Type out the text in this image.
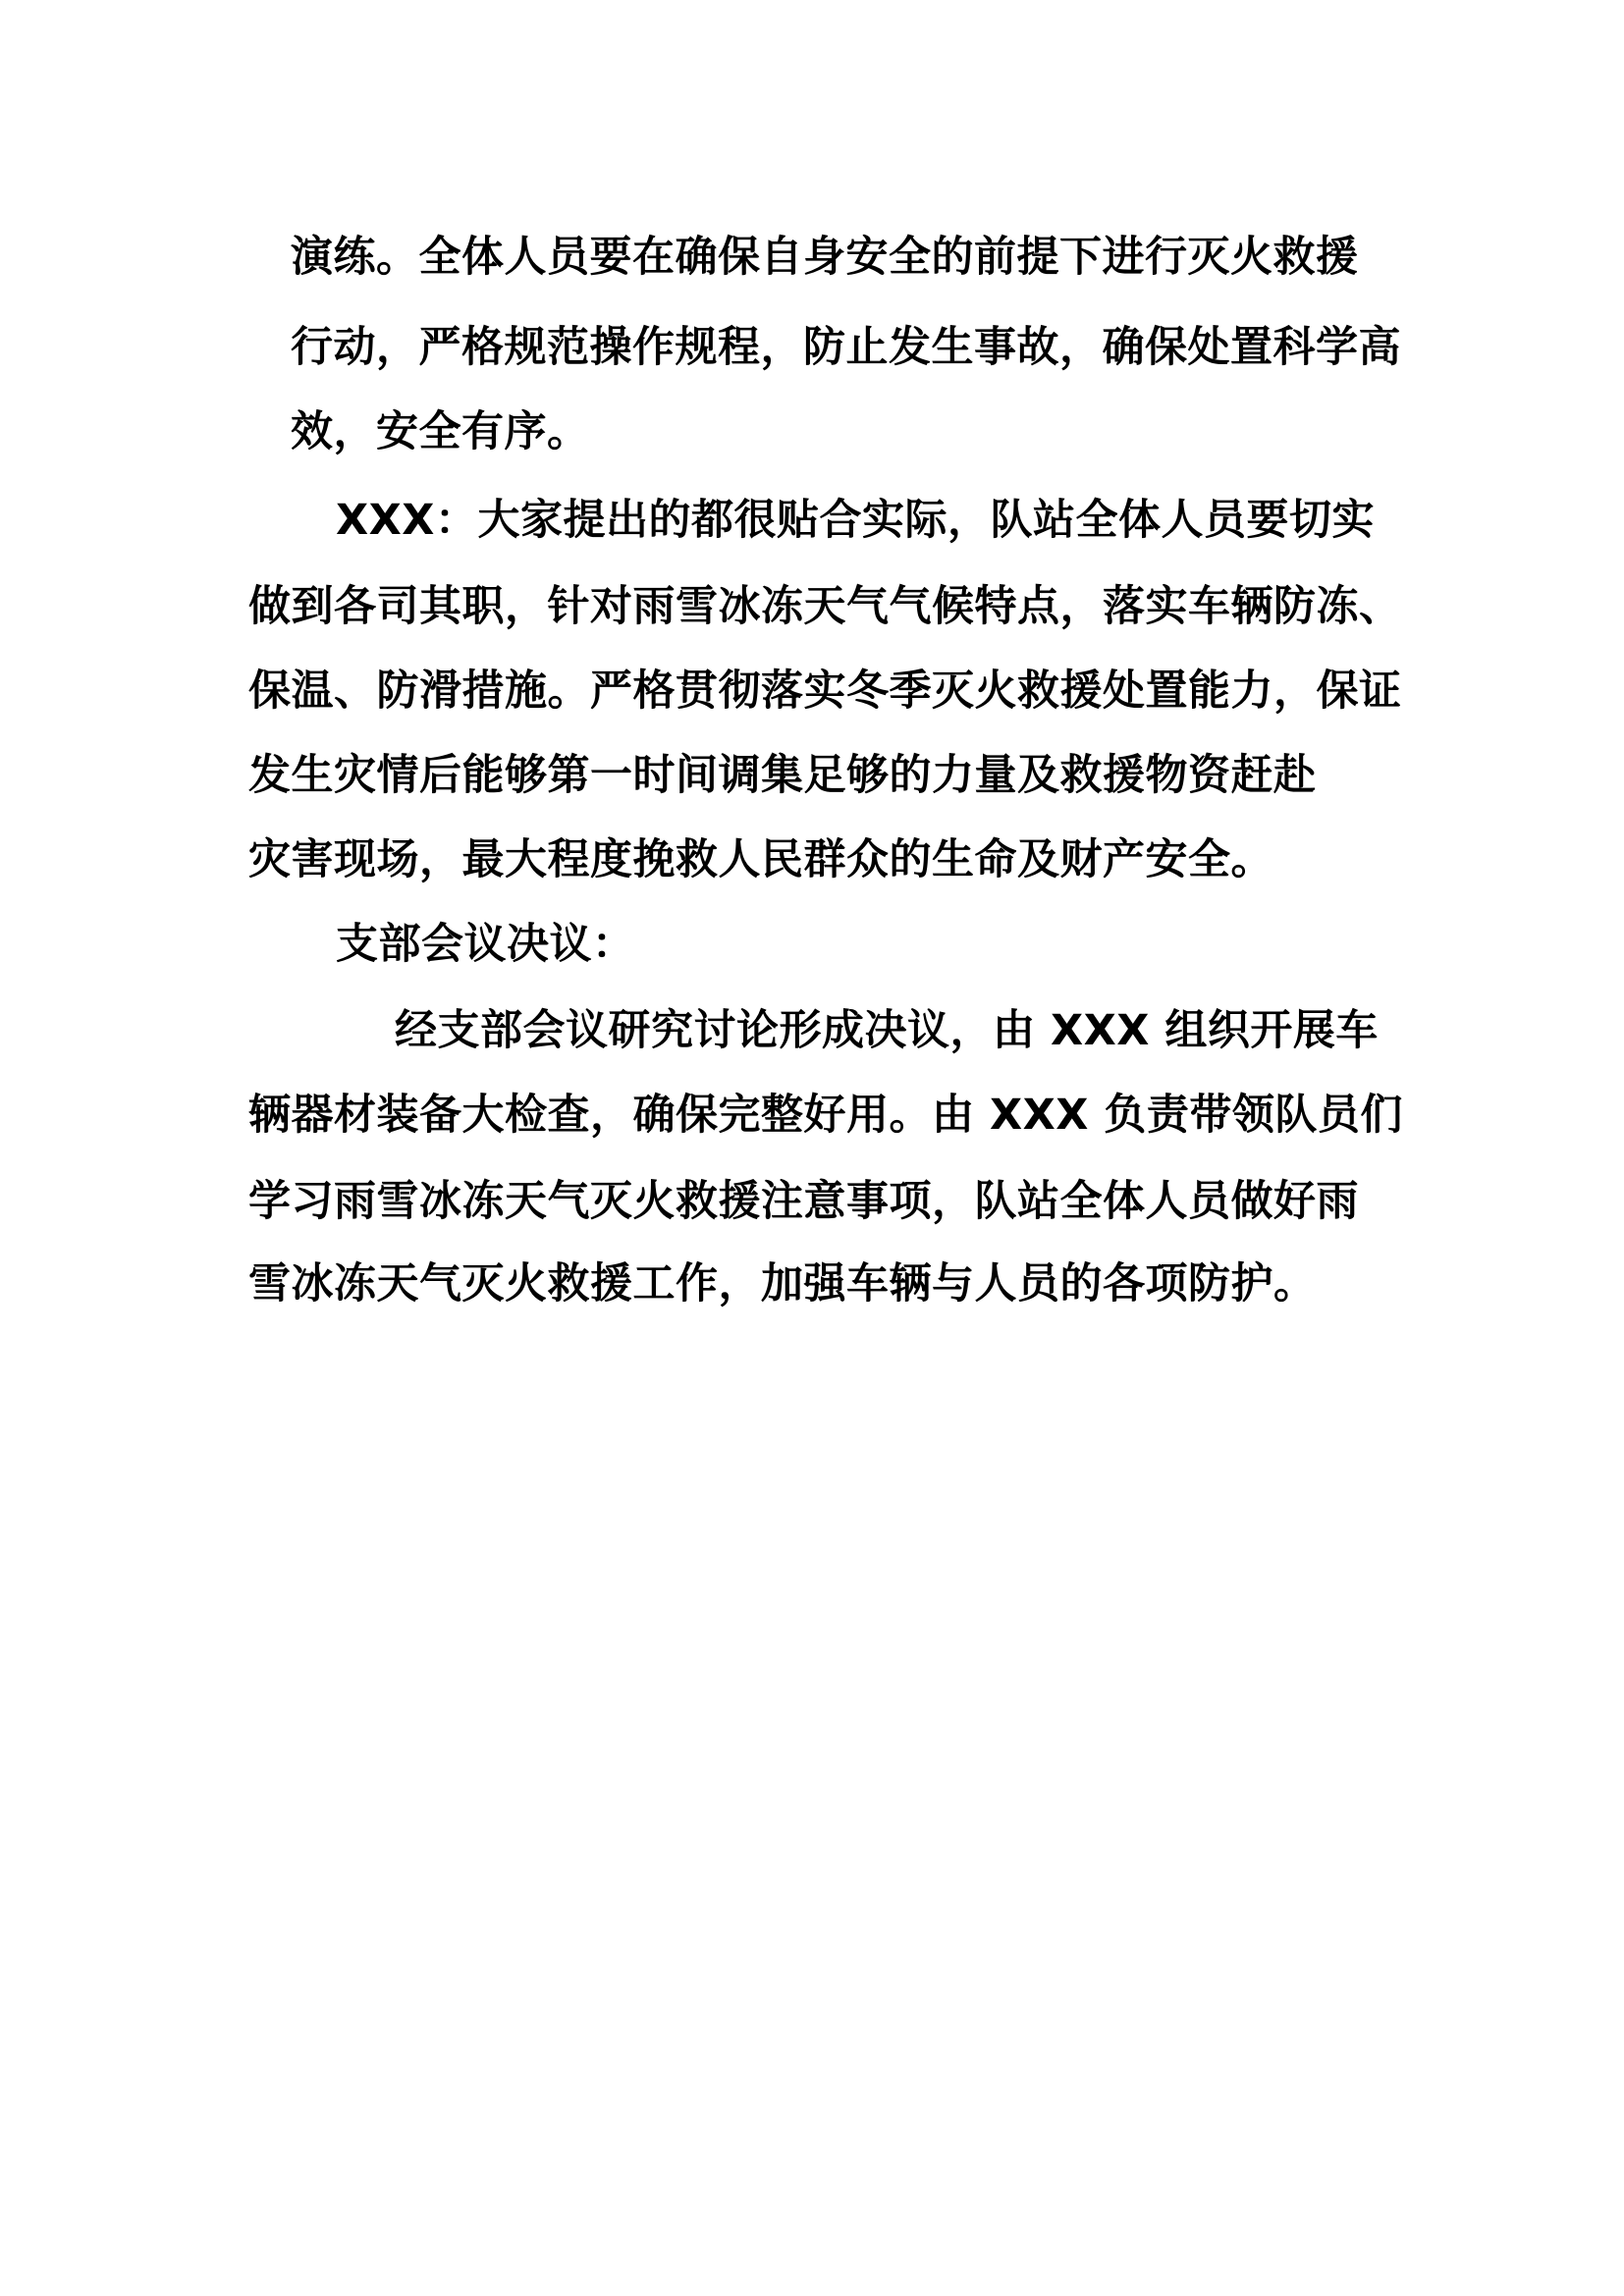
演练。全体人员要在确保自身安全的前提下进行灭火救援
行动，严格规范操作规程，防止发生事故，确保处置科学高
效，安全有序。
XXX：大家提出的都很贴合实际，队站全体人员要切实
做到各司其职，针对雨雪冰冻天气气候特点，落实车辆防冻、
保温、防滑措施。严格贯彻落实冬季灭火救援处置能力，保证
发生灾情后能够第一时间调集足够的力量及救援物资赶赴
灾害现场，最大程度挽救人民群众的生命及财产安全。
支部会议决议：
经支部会议研究讨论形成决议，由 XXX 组织开展车
辆器材装备大检查，确保完整好用。由 XXX 负责带领队员们
学习雨雪冰冻天气灭火救援注意事项，队站全体人员做好雨
雪冰冻天气灭火救援工作，加强车辆与人员的各项防护。
